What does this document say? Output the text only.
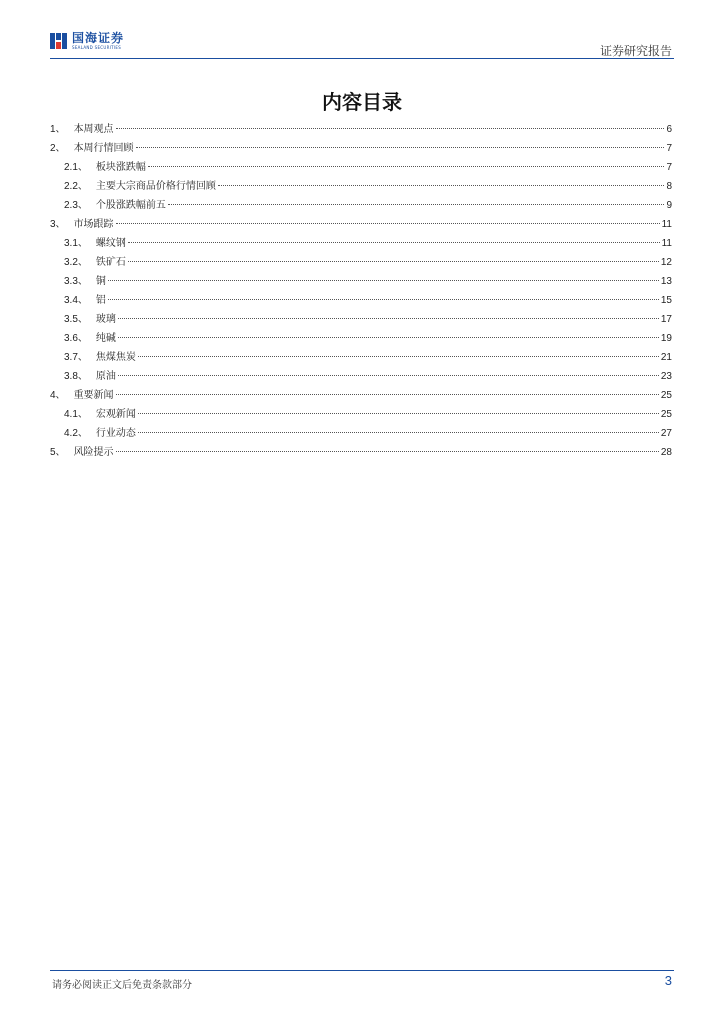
国海证券
SEALAND SECURITIES	证券研究报告
内容目录
1、 本周观点	6
2、 本周行情回顾	7
2.1、 板块涨跌幅	7
2.2、 主要大宗商品价格行情回顾	8
2.3、 个股涨跌幅前五	9
3、 市场跟踪	11
3.1、 螺纹钢	11
3.2、 铁矿石	12
3.3、 铜	13
3.4、 铝	15
3.5、 玻璃	17
3.6、 纯碱	19
3.7、 焦煤焦炭	21
3.8、 原油	23
4、 重要新闻	25
4.1、 宏观新闻	25
4.2、 行业动态	27
5、 风险提示	28
请务必阅读正文后免责条款部分	3
